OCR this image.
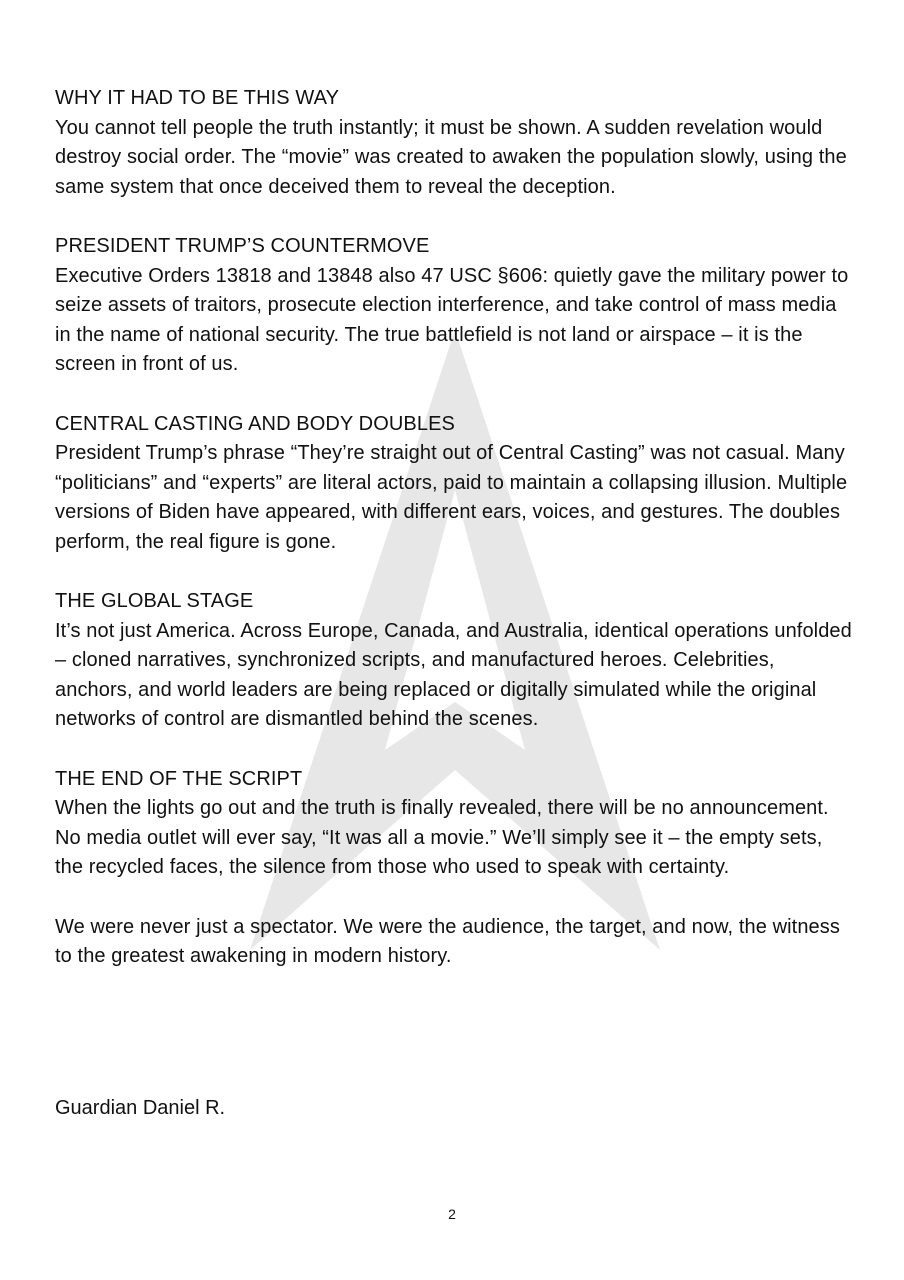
WHY IT HAD TO BE THIS WAY

You cannot tell people the truth instantly; it must be shown. A sudden revelation would destroy social order. The “movie” was created to awaken the population slowly, using the same system that once deceived them to reveal the deception.

PRESIDENT TRUMP’S COUNTERMOVE

Executive Orders 13818 and 13848 also 47 USC §606: quietly gave the military power to seize assets of traitors, prosecute election interference, and take control of mass media in the name of national security. The true battlefield is not land or airspace – it is the screen in front of us.

CENTRAL CASTING AND BODY DOUBLES

President Trump’s phrase “They’re straight out of Central Casting” was not casual. Many “politicians” and “experts” are literal actors, paid to maintain a collapsing illusion. Multiple versions of Biden have appeared, with different ears, voices, and gestures. The doubles perform, the real figure is gone.

THE GLOBAL STAGE

It’s not just America. Across Europe, Canada, and Australia, identical operations unfolded – cloned narratives, synchronized scripts, and manufactured heroes. Celebrities, anchors, and world leaders are being replaced or digitally simulated while the original networks of control are dismantled behind the scenes.

THE END OF THE SCRIPT

When the lights go out and the truth is finally revealed, there will be no announcement. No media outlet will ever say, “It was all a movie.” We’ll simply see it – the empty sets, the recycled faces, the silence from those who used to speak with certainty.

We were never just a spectator. We were the audience, the target, and now, the witness to the greatest awakening in modern history.

Guardian Daniel R.

2
